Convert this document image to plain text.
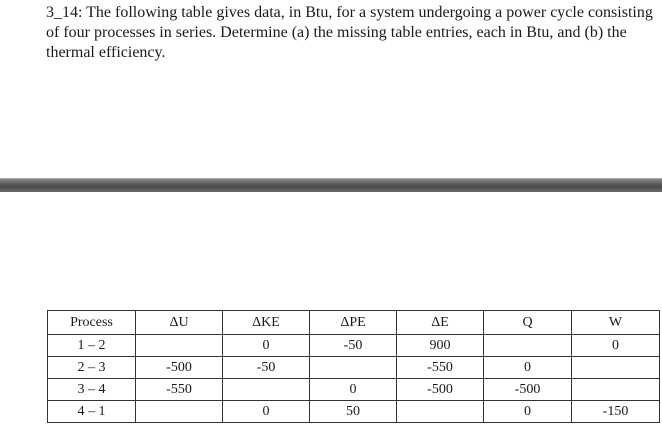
3_14: The following table gives data, in Btu, for a system undergoing a power cycle consisting of four processes in series. Determine (a) the missing table entries, each in Btu, and (b) the thermal efficiency.

Process	ΔU	ΔKE	ΔPE	ΔE	Q	W
1 – 2		0	-50	900		0
2 – 3	-500	-50		-550	0	
3 – 4	-550		0	-500	-500	
4 – 1		0	50		0	-150
